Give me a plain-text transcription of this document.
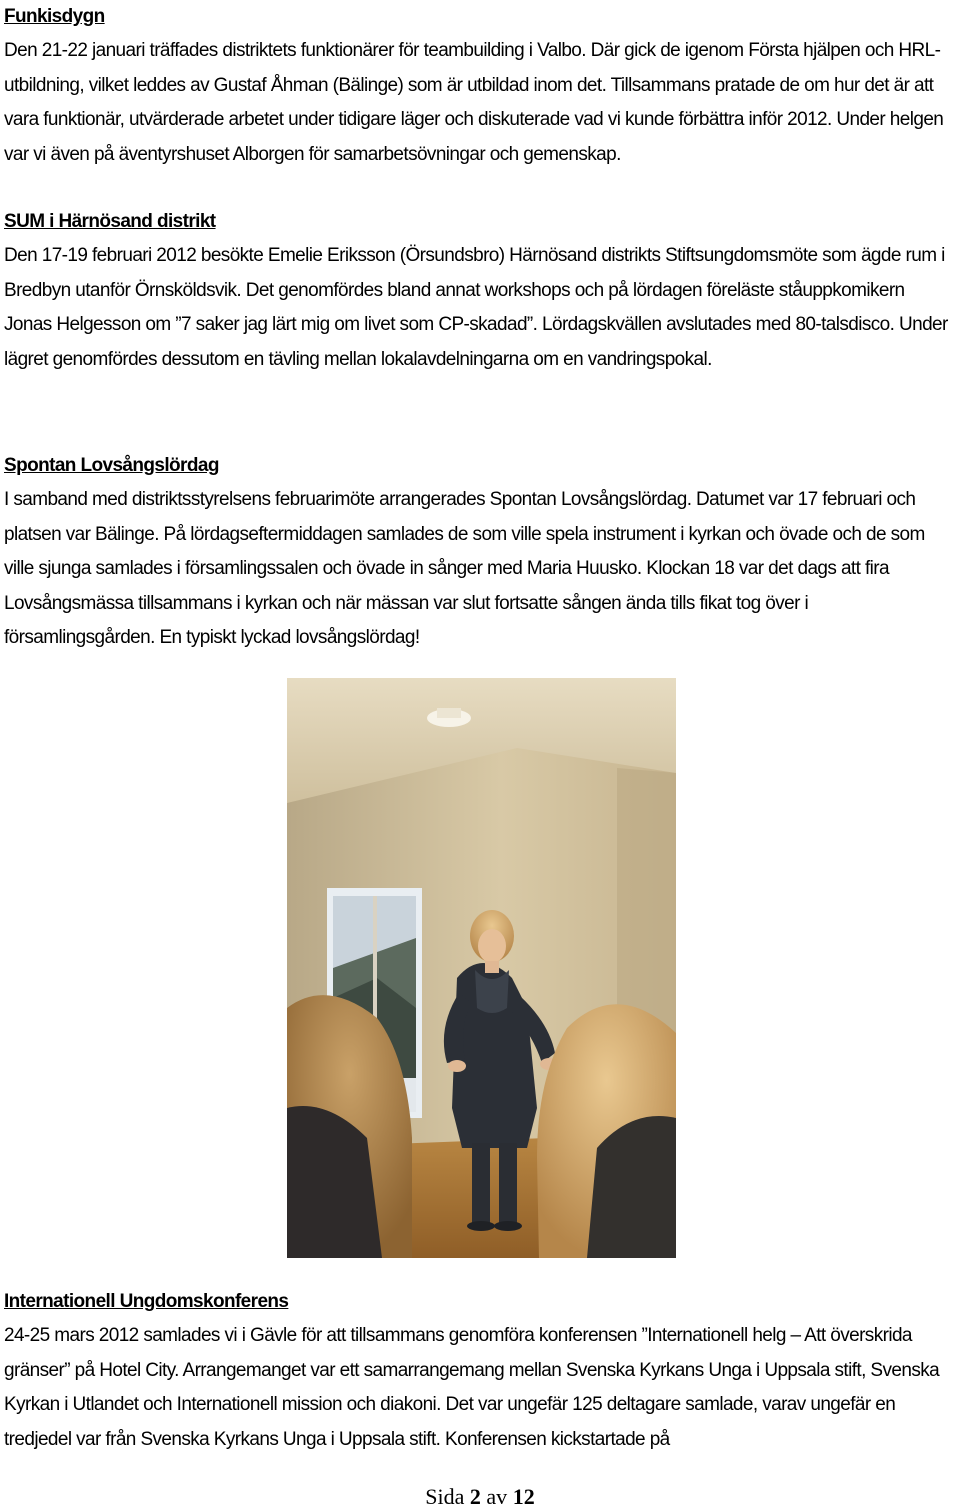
Funkisdygn

Den 21-22 januari träffades distriktets funktionärer för teambuilding i Valbo. Där gick de igenom Första hjälpen och HRL-utbildning, vilket leddes av Gustaf Åhman (Bälinge) som är utbildad inom det. Tillsammans pratade de om hur det är att vara funktionär, utvärderade arbetet under tidigare läger och diskuterade vad vi kunde förbättra inför 2012. Under helgen var vi även på äventyrshuset Alborgen för samarbetsövningar och gemenskap.

SUM i Härnösand distrikt

Den 17-19 februari 2012 besökte Emelie Eriksson (Örsundsbro) Härnösand distrikts Stiftsungdomsmöte som ägde rum i Bredbyn utanför Örnsköldsvik. Det genomfördes bland annat workshops och på lördagen föreläste ståuppkomikern Jonas Helgesson om ”7 saker jag lärt mig om livet som CP-skadad”. Lördagskvällen avslutades med 80-talsdisco. Under lägret genomfördes dessutom en tävling mellan lokalavdelningarna om en vandringspokal.

Spontan Lovsångslördag

I samband med distriktsstyrelsens februarimöte arrangerades Spontan Lovsångslördag. Datumet var 17 februari och platsen var Bälinge. På lördagseftermiddagen samlades de som ville spela instrument i kyrkan och övade och de som ville sjunga samlades i församlingssalen och övade in sånger med Maria Huusko. Klockan 18 var det dags att fira Lovsångsmässa tillsammans i kyrkan och när mässan var slut fortsatte sången ända tills fikat tog över i församlingsgården. En typiskt lyckad lovsångslördag!

Internationell Ungdomskonferens

24-25 mars 2012 samlades vi i Gävle för att tillsammans genomföra konferensen ”Internationell helg – Att överskrida gränser” på Hotel City. Arrangemanget var ett samarrangemang mellan Svenska Kyrkans Unga i Uppsala stift, Svenska Kyrkan i Utlandet och Internationell mission och diakoni. Det var ungefär 125 deltagare samlade, varav ungefär en tredjedel var från Svenska Kyrkans Unga i Uppsala stift. Konferensen kickstartade på

Sida 2 av 12
